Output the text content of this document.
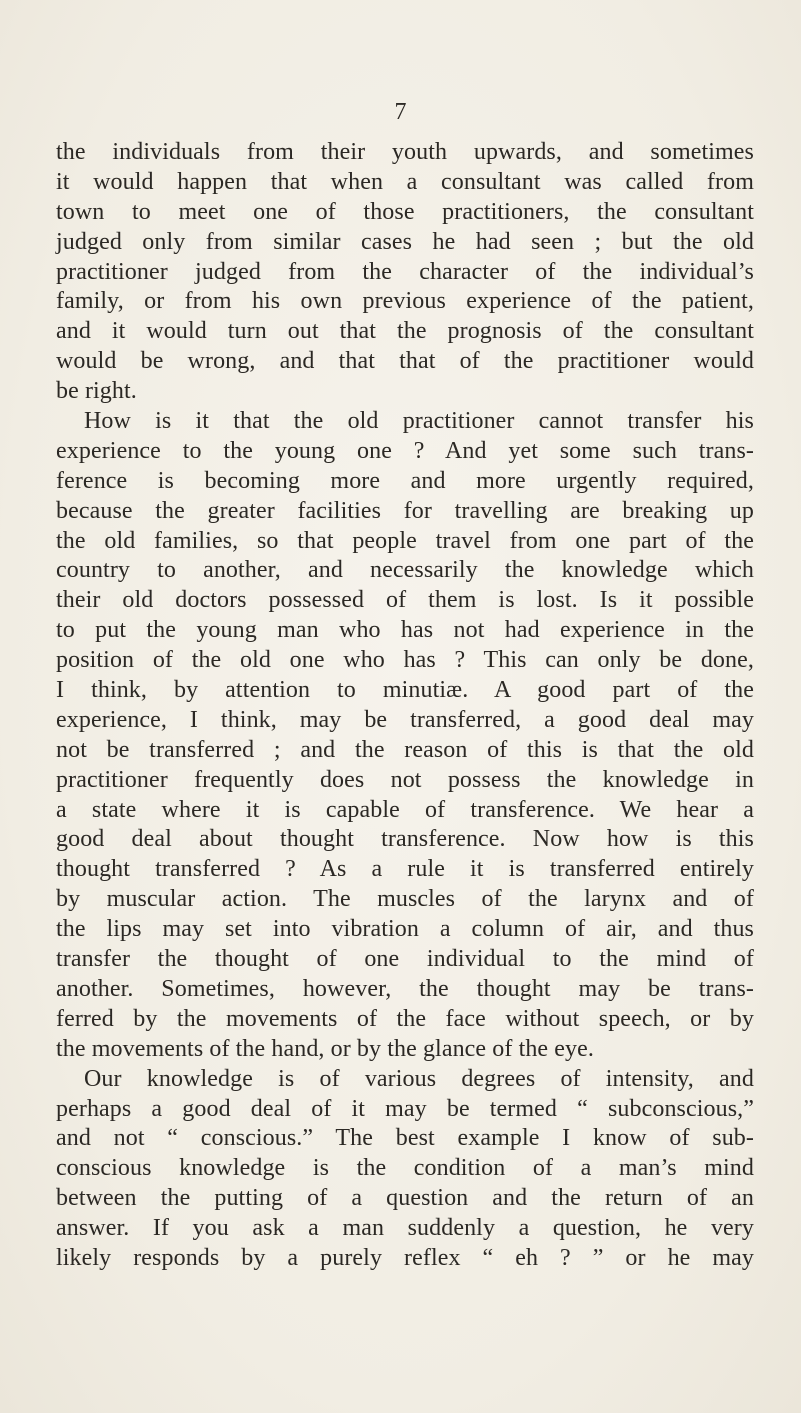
7
the individuals from their youth upwards, and sometimes
it would happen that when a consultant was called from
town to meet one of those practitioners, the consultant
judged only from similar cases he had seen ; but the old
practitioner judged from the character of the individual’s
family, or from his own previous experience of the patient,
and it would turn out that the prognosis of the consultant
would be wrong, and that that of the practitioner would
be right.
How is it that the old practitioner cannot transfer his
experience to the young one ? And yet some such trans-
ference is becoming more and more urgently required,
because the greater facilities for travelling are breaking up
the old families, so that people travel from one part of the
country to another, and necessarily the knowledge which
their old doctors possessed of them is lost. Is it possible
to put the young man who has not had experience in the
position of the old one who has ? This can only be done,
I think, by attention to minutiæ. A good part of the
experience, I think, may be transferred, a good deal may
not be transferred ; and the reason of this is that the old
practitioner frequently does not possess the knowledge in
a state where it is capable of transference. We hear a
good deal about thought transference. Now how is this
thought transferred ? As a rule it is transferred entirely
by muscular action. The muscles of the larynx and of
the lips may set into vibration a column of air, and thus
transfer the thought of one individual to the mind of
another. Sometimes, however, the thought may be trans-
ferred by the movements of the face without speech, or by
the movements of the hand, or by the glance of the eye.
Our knowledge is of various degrees of intensity, and
perhaps a good deal of it may be termed “ subconscious,”
and not “ conscious.” The best example I know of sub-
conscious knowledge is the condition of a man’s mind
between the putting of a question and the return of an
answer. If you ask a man suddenly a question, he very
likely responds by a purely reflex “ eh ? ” or he may
